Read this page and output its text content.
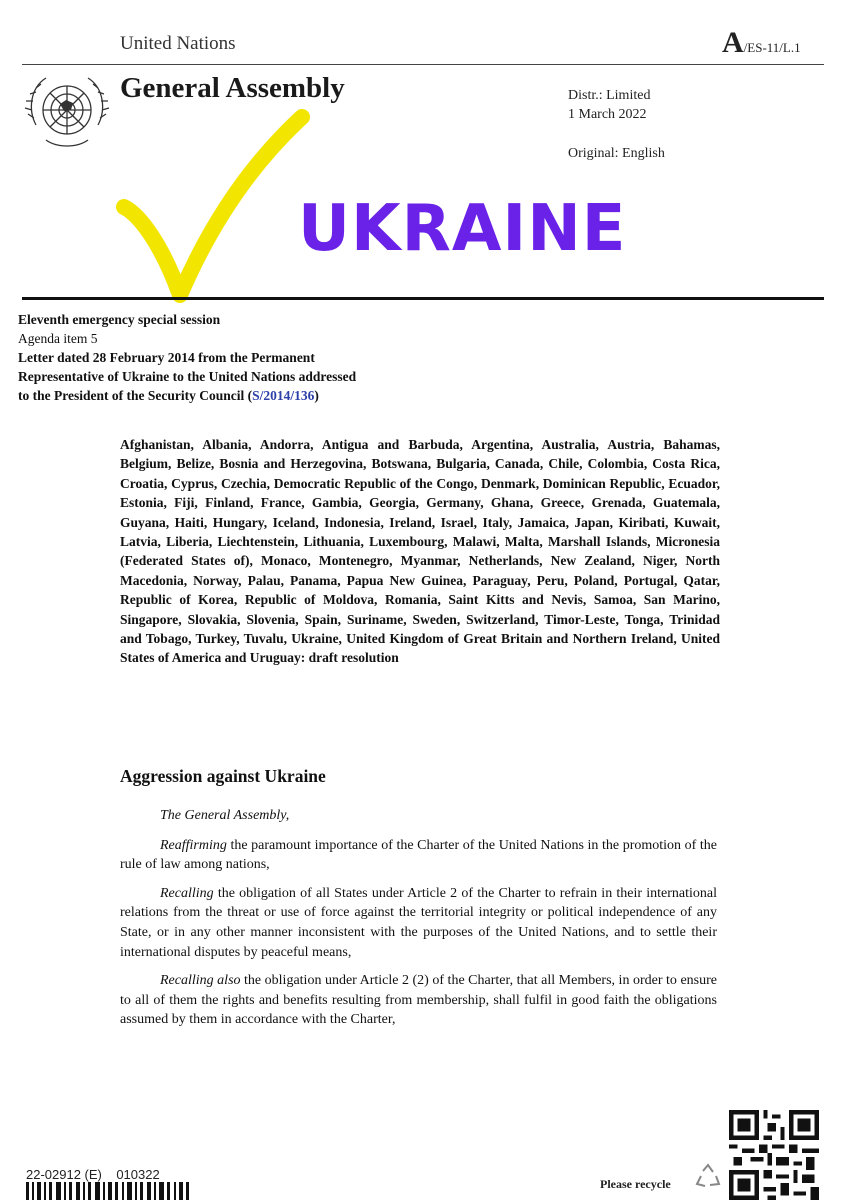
United Nations	A/ES-11/L.1
General Assembly	Distr.: Limited
1 March 2022
Original: English
UKRAINE
Eleventh emergency special session
Agenda item 5
Letter dated 28 February 2014 from the Permanent
Representative of Ukraine to the United Nations addressed
to the President of the Security Council (S/2014/136)
Afghanistan, Albania, Andorra, Antigua and Barbuda, Argentina, Australia, Austria, Bahamas, Belgium, Belize, Bosnia and Herzegovina, Botswana, Bulgaria, Canada, Chile, Colombia, Costa Rica, Croatia, Cyprus, Czechia, Democratic Republic of the Congo, Denmark, Dominican Republic, Ecuador, Estonia, Fiji, Finland, France, Gambia, Georgia, Germany, Ghana, Greece, Grenada, Guatemala, Guyana, Haiti, Hungary, Iceland, Indonesia, Ireland, Israel, Italy, Jamaica, Japan, Kiribati, Kuwait, Latvia, Liberia, Liechtenstein, Lithuania, Luxembourg, Malawi, Malta, Marshall Islands, Micronesia (Federated States of), Monaco, Montenegro, Myanmar, Netherlands, New Zealand, Niger, North Macedonia, Norway, Palau, Panama, Papua New Guinea, Paraguay, Peru, Poland, Portugal, Qatar, Republic of Korea, Republic of Moldova, Romania, Saint Kitts and Nevis, Samoa, San Marino, Singapore, Slovakia, Slovenia, Spain, Suriname, Sweden, Switzerland, Timor-Leste, Tonga, Trinidad and Tobago, Turkey, Tuvalu, Ukraine, United Kingdom of Great Britain and Northern Ireland, United States of America and Uruguay: draft resolution
Aggression against Ukraine

The General Assembly,

Reaffirming the paramount importance of the Charter of the United Nations in the promotion of the rule of law among nations,

Recalling the obligation of all States under Article 2 of the Charter to refrain in their international relations from the threat or use of force against the territorial integrity or political independence of any State, or in any other manner inconsistent with the purposes of the United Nations, and to settle their international disputes by peaceful means,

Recalling also the obligation under Article 2 (2) of the Charter, that all Members, in order to ensure to all of them the rights and benefits resulting from membership, shall fulfil in good faith the obligations assumed by them in accordance with the Charter,

22-02912 (E)    010322
Please recycle
